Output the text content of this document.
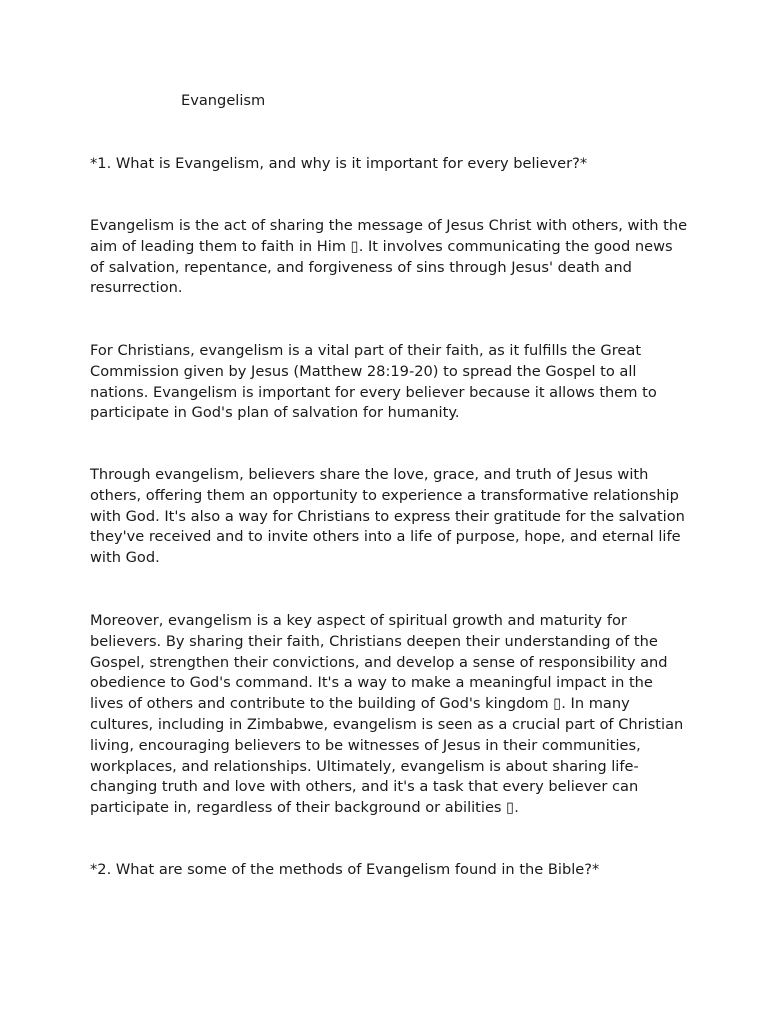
Evangelism

*1. What is Evangelism, and why is it important for every believer?*

Evangelism is the act of sharing the message of Jesus Christ with others, with the aim of leading them to faith in Him ▯. It involves communicating the good news of salvation, repentance, and forgiveness of sins through Jesus' death and resurrection.

For Christians, evangelism is a vital part of their faith, as it fulfills the Great Commission given by Jesus (Matthew 28:19-20) to spread the Gospel to all nations. Evangelism is important for every believer because it allows them to participate in God's plan of salvation for humanity.

Through evangelism, believers share the love, grace, and truth of Jesus with others, offering them an opportunity to experience a transformative relationship with God. It's also a way for Christians to express their gratitude for the salvation they've received and to invite others into a life of purpose, hope, and eternal life with God.

Moreover, evangelism is a key aspect of spiritual growth and maturity for believers. By sharing their faith, Christians deepen their understanding of the Gospel, strengthen their convictions, and develop a sense of responsibility and obedience to God's command. It's a way to make a meaningful impact in the lives of others and contribute to the building of God's kingdom ▯. In many cultures, including in Zimbabwe, evangelism is seen as a crucial part of Christian living, encouraging believers to be witnesses of Jesus in their communities, workplaces, and relationships. Ultimately, evangelism is about sharing life-changing truth and love with others, and it's a task that every believer can participate in, regardless of their background or abilities ▯.

*2. What are some of the methods of Evangelism found in the Bible?*
